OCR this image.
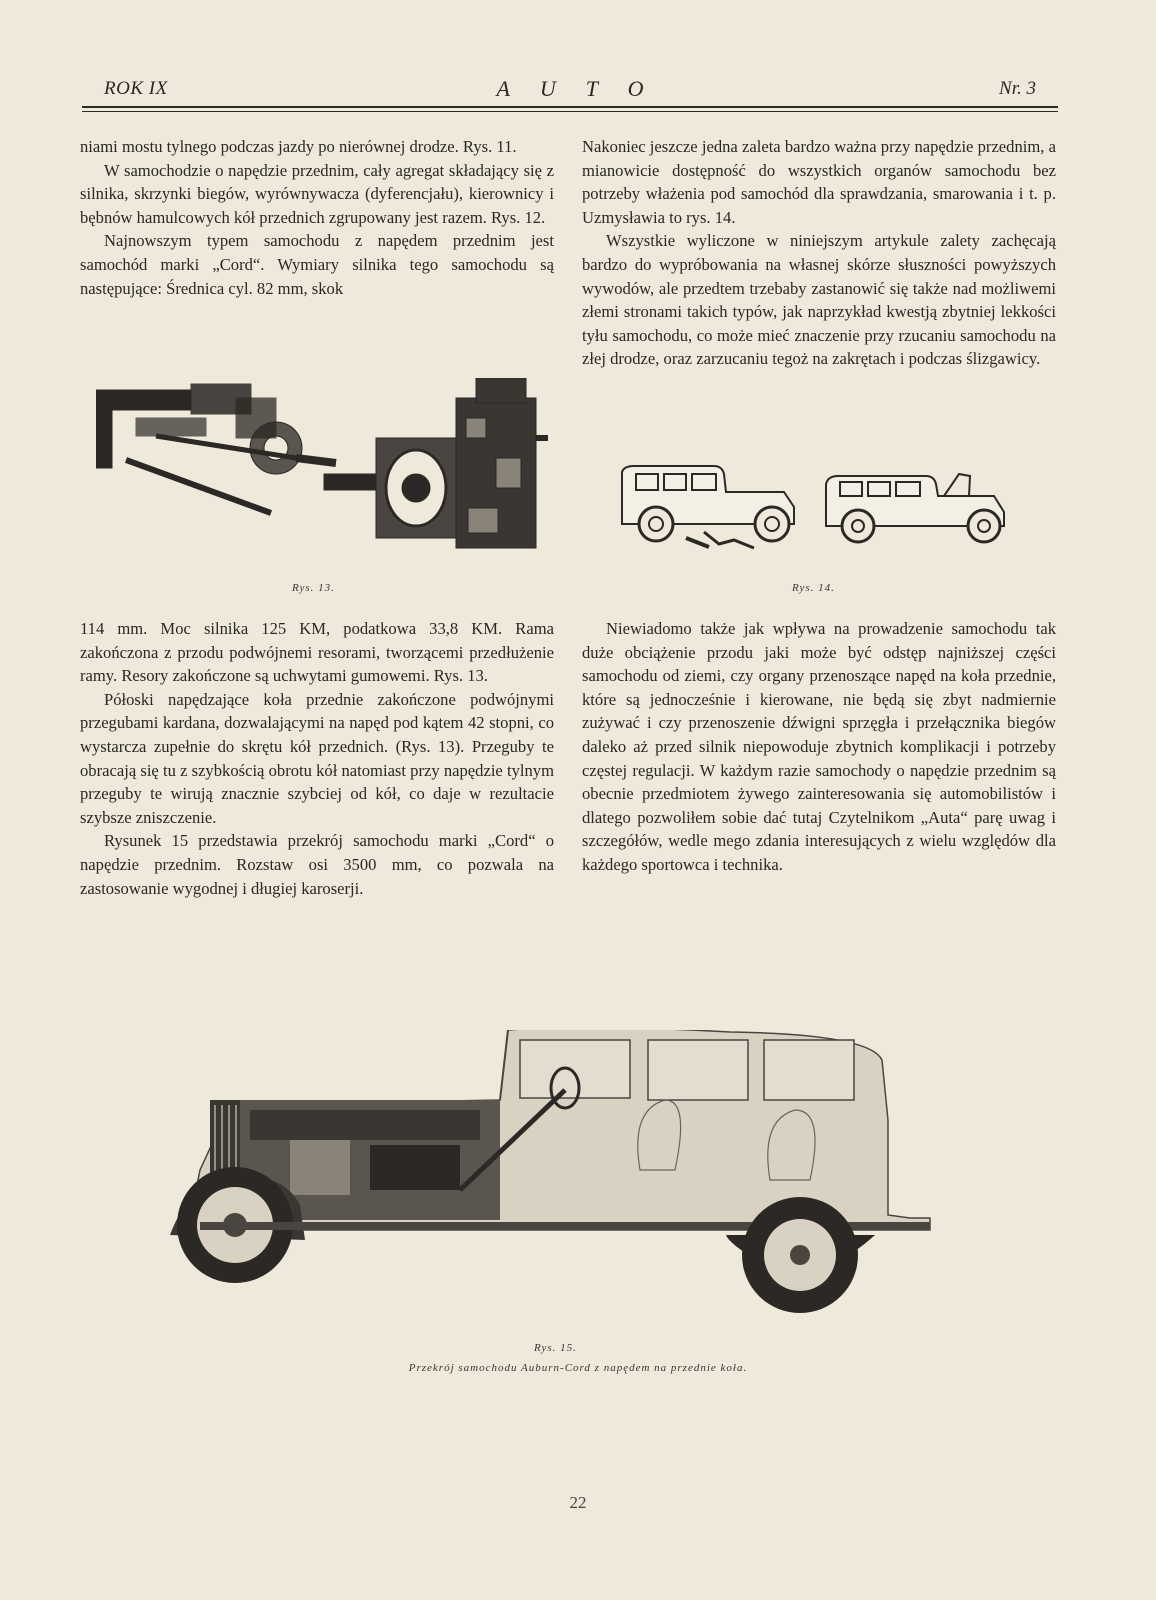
ROK IX	AUTO	Nr. 3

niami mostu tylnego podczas jazdy po nierównej drodze. Rys. 11.

W samochodzie o napędzie przednim, cały agregat składający się z silnika, skrzynki biegów, wyrównywacza (dyferencjału), kierownicy i bębnów hamulcowych kół przednich zgrupowany jest razem. Rys. 12.

Najnowszym typem samochodu z napędem przednim jest samochód marki „Cord“. Wymiary silnika tego samochodu są następujące: Średnica cyl. 82 mm, skok

Nakoniec jeszcze jedna zaleta bardzo ważna przy napędzie przednim, a mianowicie dostępność do wszystkich organów samochodu bez potrzeby włażenia pod samochód dla sprawdzania, smarowania i t. p. Uzmysławia to rys. 14.

Wszystkie wyliczone w niniejszym artykule zalety zachęcają bardzo do wypróbowania na własnej skórze słuszności powyższych wywodów, ale przedtem trzebaby zastanowić się także nad możliwemi złemi stronami takich typów, jak naprzykład kwestją zbytniej lekkości tyłu samochodu, co może mieć znaczenie przy rzucaniu samochodu na złej drodze, oraz zarzucaniu tegoż na zakrętach i podczas ślizgawicy.

Rys. 13.	Rys. 14.

114 mm. Moc silnika 125 KM, podatkowa 33,8 KM. Rama zakończona z przodu podwójnemi resorami, tworzącemi przedłużenie ramy. Resory zakończone są uchwytami gumowemi. Rys. 13.

Półoski napędzające koła przednie zakończone podwójnymi przegubami kardana, dozwalającymi na napęd pod kątem 42 stopni, co wystarcza zupełnie do skrętu kół przednich. (Rys. 13). Przeguby te obracają się tu z szybkością obrotu kół natomiast przy napędzie tylnym przeguby te wirują znacznie szybciej od kół, co daje w rezultacie szybsze zniszczenie.

Rysunek 15 przedstawia przekrój samochodu marki „Cord“ o napędzie przednim. Rozstaw osi 3500 mm, co pozwala na zastosowanie wygodnej i długiej karoserji.

Niewiadomo także jak wpływa na prowadzenie samochodu tak duże obciążenie przodu jaki może być odstęp najniższej części samochodu od ziemi, czy organy przenoszące napęd na koła przednie, które są jednocześnie i kierowane, nie będą się zbyt nadmiernie zużywać i czy przenoszenie dźwigni sprzęgła i przełącznika biegów daleko aż przed silnik niepowoduje zbytnich komplikacji i potrzeby częstej regulacji. W każdym razie samochody o napędzie przednim są obecnie przedmiotem żywego zainteresowania się automobilistów i dlatego pozwoliłem sobie dać tutaj Czytelnikom „Auta“ parę uwag i szczegółów, wedle mego zdania interesujących z wielu względów dla każdego sportowca i technika.

Rys. 15.
Przekrój samochodu Auburn-Cord z napędem na przednie koła.
22
